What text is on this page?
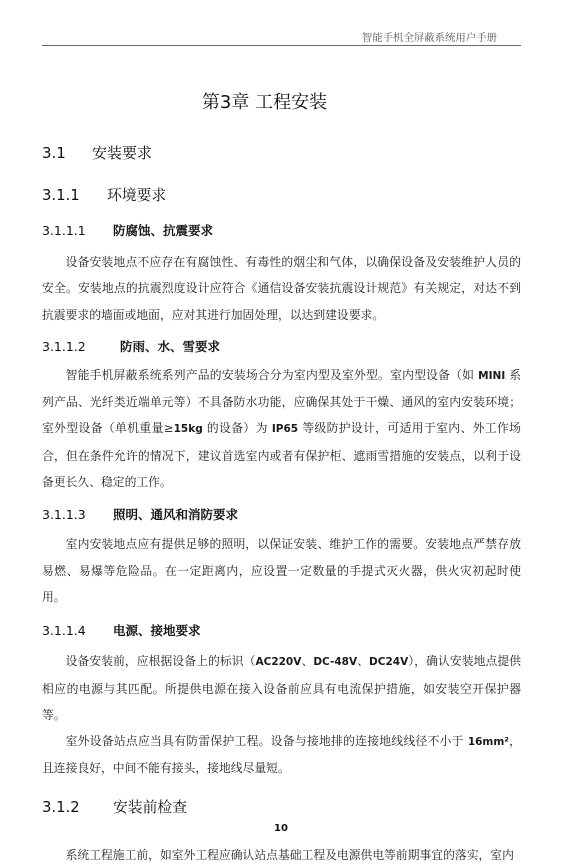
智能手机全屏蔽系统用户手册
第3章 工程安装
3.1 安装要求
3.1.1 环境要求
3.1.1.1 防腐蚀、抗震要求

设备安装地点不应存在有腐蚀性、有毒性的烟尘和气体，以确保设备及安装维护人员的安全。安装地点的抗震烈度设计应符合《通信设备安装抗震设计规范》有关规定，对达不到抗震要求的墙面或地面，应对其进行加固处理，以达到建设要求。

3.1.1.2	防雨、水、雪要求

智能手机屏蔽系统系列产品的安装场合分为室内型及室外型。室内型设备（如 MINI 系列产品、光纤类近端单元等）不具备防水功能，应确保其处于干燥、通风的室内安装环境；室外型设备（单机重量≥15kg 的设备）为 IP65 等级防护设计，可适用于室内、外工作场合，但在条件允许的情况下，建议首选室内或者有保护柜、遮雨雪措施的安装点，以利于设备更长久、稳定的工作。

3.1.1.3 照明、通风和消防要求

室内安装地点应有提供足够的照明，以保证安装、维护工作的需要。安装地点严禁存放易燃、易爆等危险品。在一定距离内，应设置一定数量的手提式灭火器，供火灾初起时使用。

3.1.1.4 电源、接地要求

设备安装前，应根据设备上的标识（AC220V、DC-48V、DC24V），确认安装地点提供相应的电源与其匹配。所提供电源在接入设备前应具有电流保护措施，如安装空开保护器等。

室外设备站点应当具有防雷保护工程。设备与接地排的连接地线线径不小于 16mm²，且连接良好，中间不能有接头，接地线尽量短。

3.1.2 安装前检查

系统工程施工前，如室外工程应确认站点基础工程及电源供电等前期事宜的落实，室内

10
